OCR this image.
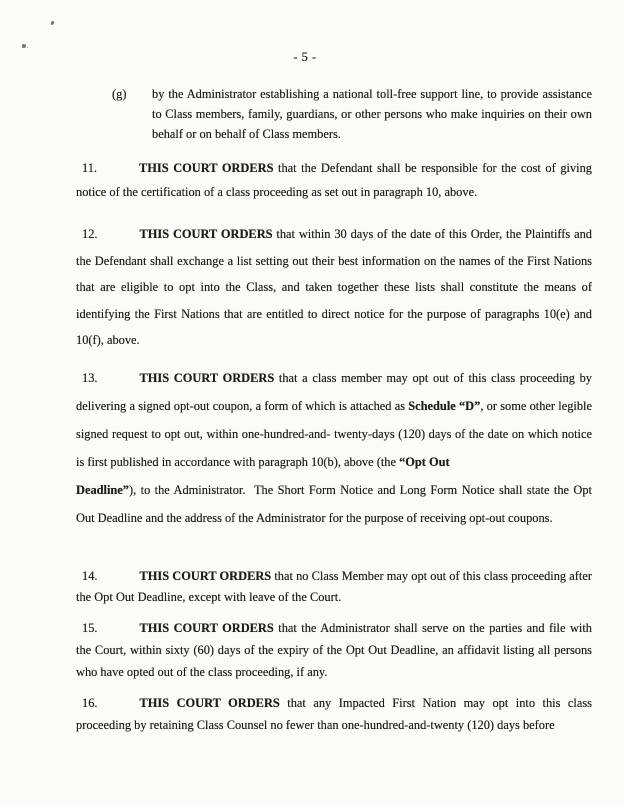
- 5 -
(g)	by the Administrator establishing a national toll-free support line, to provide assistance to Class members, family, guardians, or other persons who make inquiries on their own behalf or on behalf of Class members.
11.	THIS COURT ORDERS that the Defendant shall be responsible for the cost of giving notice of the certification of a class proceeding as set out in paragraph 10, above.
12.	THIS COURT ORDERS that within 30 days of the date of this Order, the Plaintiffs and the Defendant shall exchange a list setting out their best information on the names of the First Nations that are eligible to opt into the Class, and taken together these lists shall constitute the means of identifying the First Nations that are entitled to direct notice for the purpose of paragraphs 10(e) and 10(f), above.
13.	THIS COURT ORDERS that a class member may opt out of this class proceeding by delivering a signed opt-out coupon, a form of which is attached as Schedule “D”, or some other legible signed request to opt out, within one-hundred-and- twenty-days (120) days of the date on which notice is first published in accordance with paragraph 10(b), above (the “Opt Out
Deadline”), to the Administrator.  The Short Form Notice and Long Form Notice shall state the Opt Out Deadline and the address of the Administrator for the purpose of receiving opt-out coupons.
14.	THIS COURT ORDERS that no Class Member may opt out of this class proceeding after the Opt Out Deadline, except with leave of the Court.
15.	THIS COURT ORDERS that the Administrator shall serve on the parties and file with the Court, within sixty (60) days of the expiry of the Opt Out Deadline, an affidavit listing all persons who have opted out of the class proceeding, if any.
16.	THIS COURT ORDERS that any Impacted First Nation may opt into this class proceeding by retaining Class Counsel no fewer than one-hundred-and-twenty (120) days before
